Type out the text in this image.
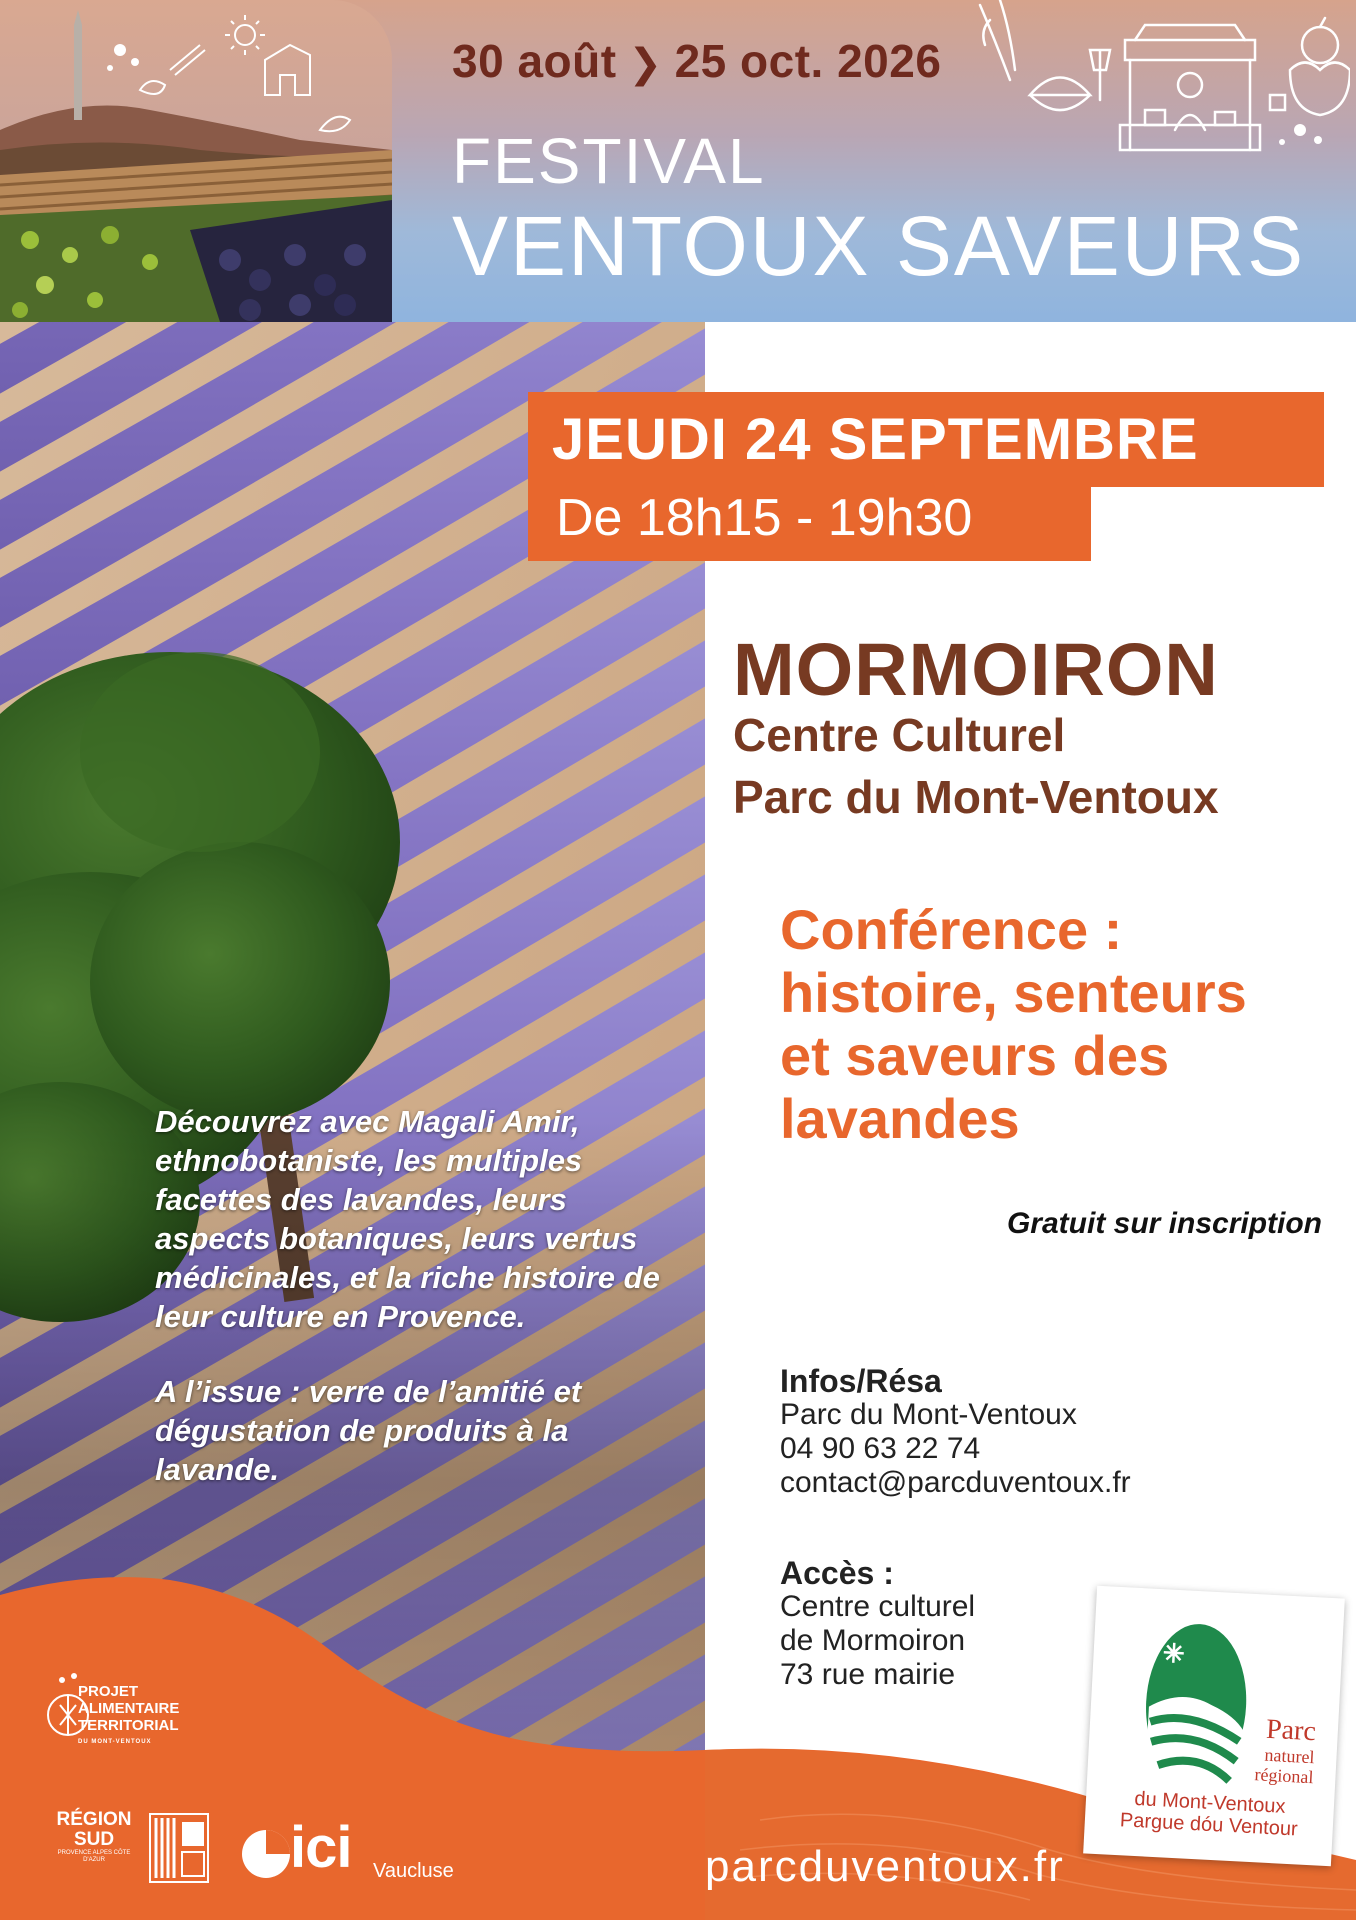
30 août ❯ 25 oct. 2026
FESTIVAL
VENTOUX SAVEURS

Découvrez avec Magali Amir, ethnobotaniste, les multiples facettes des lavandes, leurs aspects botaniques, leurs vertus médicinales, et la riche histoire de leur culture en Provence.

A l’issue : verre de l’amitié et dégustation de produits à la lavande.

JEUDI 24 SEPTEMBRE
De 18h15 - 19h30
MORMOIRON
Centre Culturel
Parc du Mont-Ventoux
Conférence :
histoire, senteurs
et saveurs des
lavandes
Gratuit sur inscription
Infos/Résa
Parc du Mont-Ventoux
04 90 63 22 74
contact@parcduventoux.fr
Accès :
Centre culturel
de Mormoiron
73 rue mairie
parcduventoux.fr
PROJET
ALIMENTAIRE
TERRITORIAL
DU MONT-VENTOUX
RÉGION
SUD
PROVENCE ALPES CÔTE D'AZUR	ici Vaucluse
Parc
naturel
régional
du Mont-Ventoux
Pargue dóu Ventour
